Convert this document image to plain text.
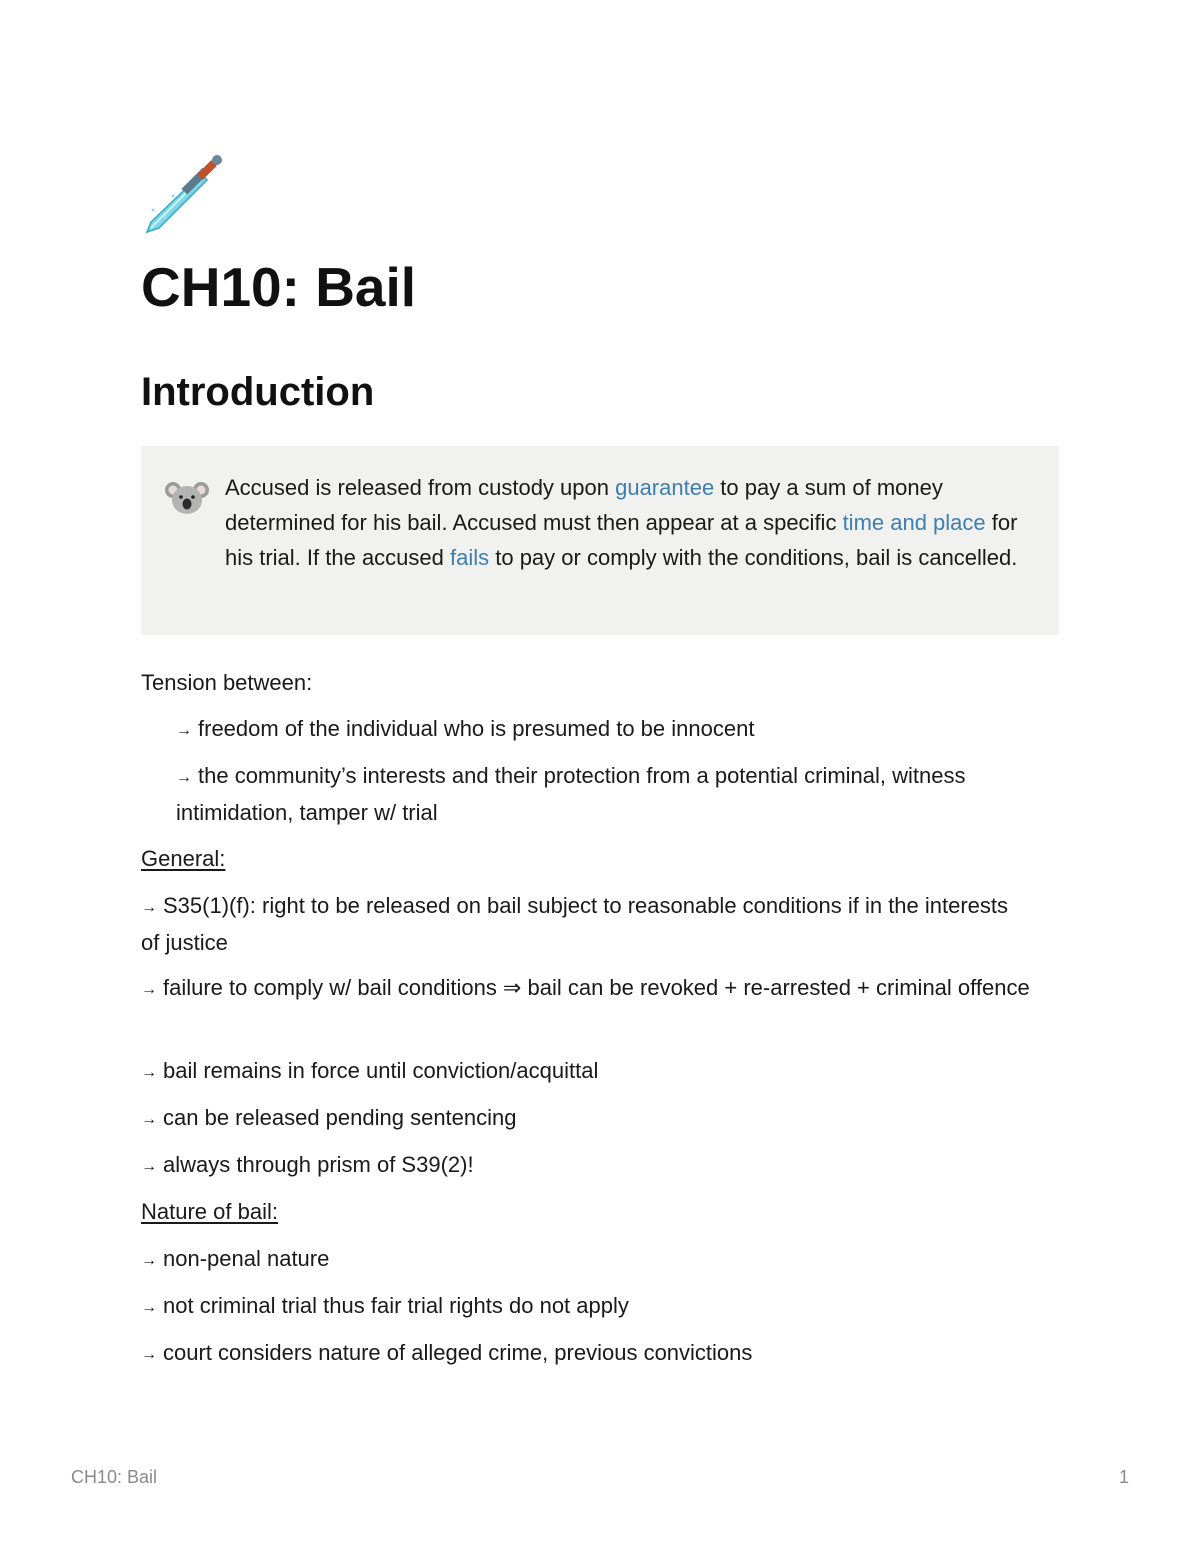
CH10: Bail
Introduction

Accused is released from custody upon guarantee to pay a sum of money determined for his bail. Accused must then appear at a specific time and place for his trial. If the accused fails to pay or comply with the conditions, bail is cancelled.

Tension between:

→ freedom of the individual who is presumed to be innocent

→ the community’s interests and their protection from a potential criminal, witness intimidation, tamper w/ trial

General:

→ S35(1)(f): right to be released on bail subject to reasonable conditions if in the interests of justice

→ failure to comply w/ bail conditions ⇒ bail can be revoked + re-arrested + criminal offence

→ bail remains in force until conviction/acquittal

→ can be released pending sentencing

→ always through prism of S39(2)!

Nature of bail:

→ non-penal nature

→ not criminal trial thus fair trial rights do not apply

→ court considers nature of alleged crime, previous convictions

CH10: Bail	1
